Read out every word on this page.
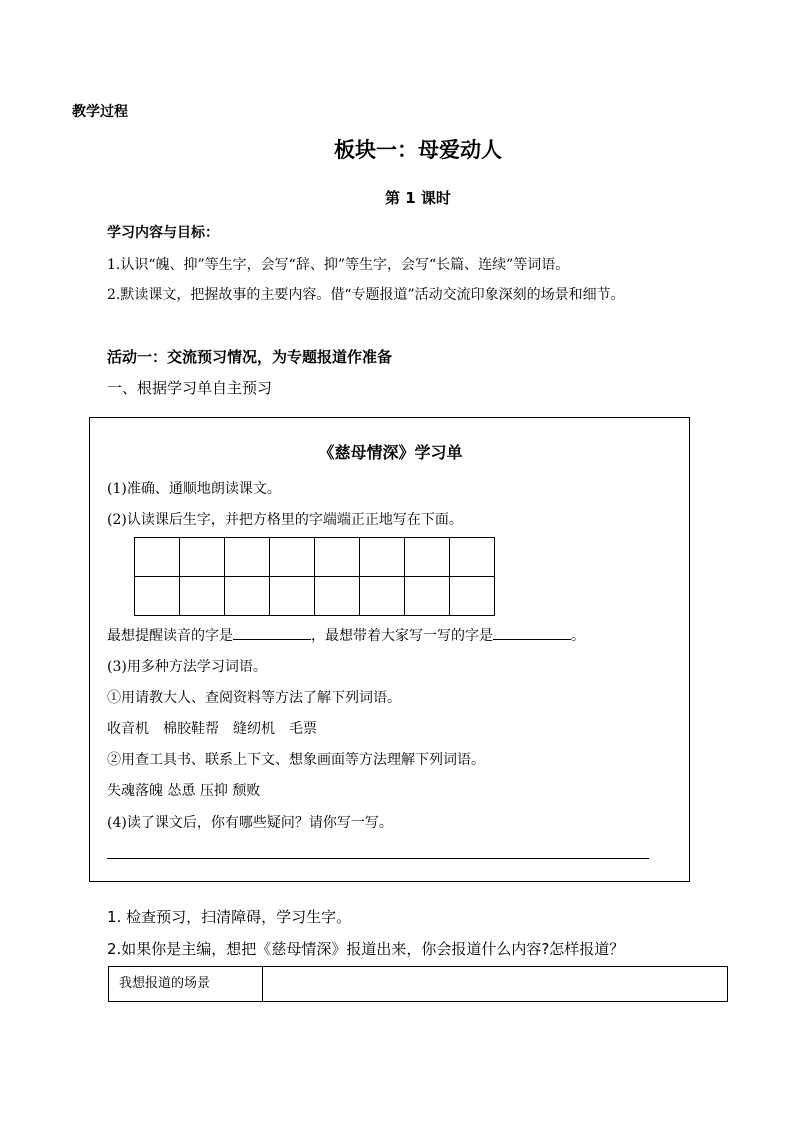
教学过程
板块一：母爱动人
第 1 课时
学习内容与目标：
1.认识“魄、抑”等生字，会写“辞、抑”等生字，会写“长篇、连续”等词语。
2.默读课文，把握故事的主要内容。借“专题报道”活动交流印象深刻的场景和细节。
活动一：交流预习情况，为专题报道作准备
一、根据学习单自主预习
《慈母情深》学习单
(1)准确、通顺地朗读课文。
(2)认读课后生字，并把方格里的字端端正正地写在下面。

最想提醒读音的字是	，最想带着大家写一写的字是	。
(3)用多种方法学习词语。
①用请教大人、查阅资料等方法了解下列词语。
收音机　棉胶鞋帮　缝纫机　毛票
②用查工具书、联系上下文、想象画面等方法理解下列词语。
失魂落魄 怂恿 压抑 颓败
(4)读了课文后，你有哪些疑问？请你写一写。
1. 检查预习，扫清障碍，学习生字。
2.如果你是主编，想把《慈母情深》报道出来，你会报道什么内容?怎样报道？
我想报道的场景	
